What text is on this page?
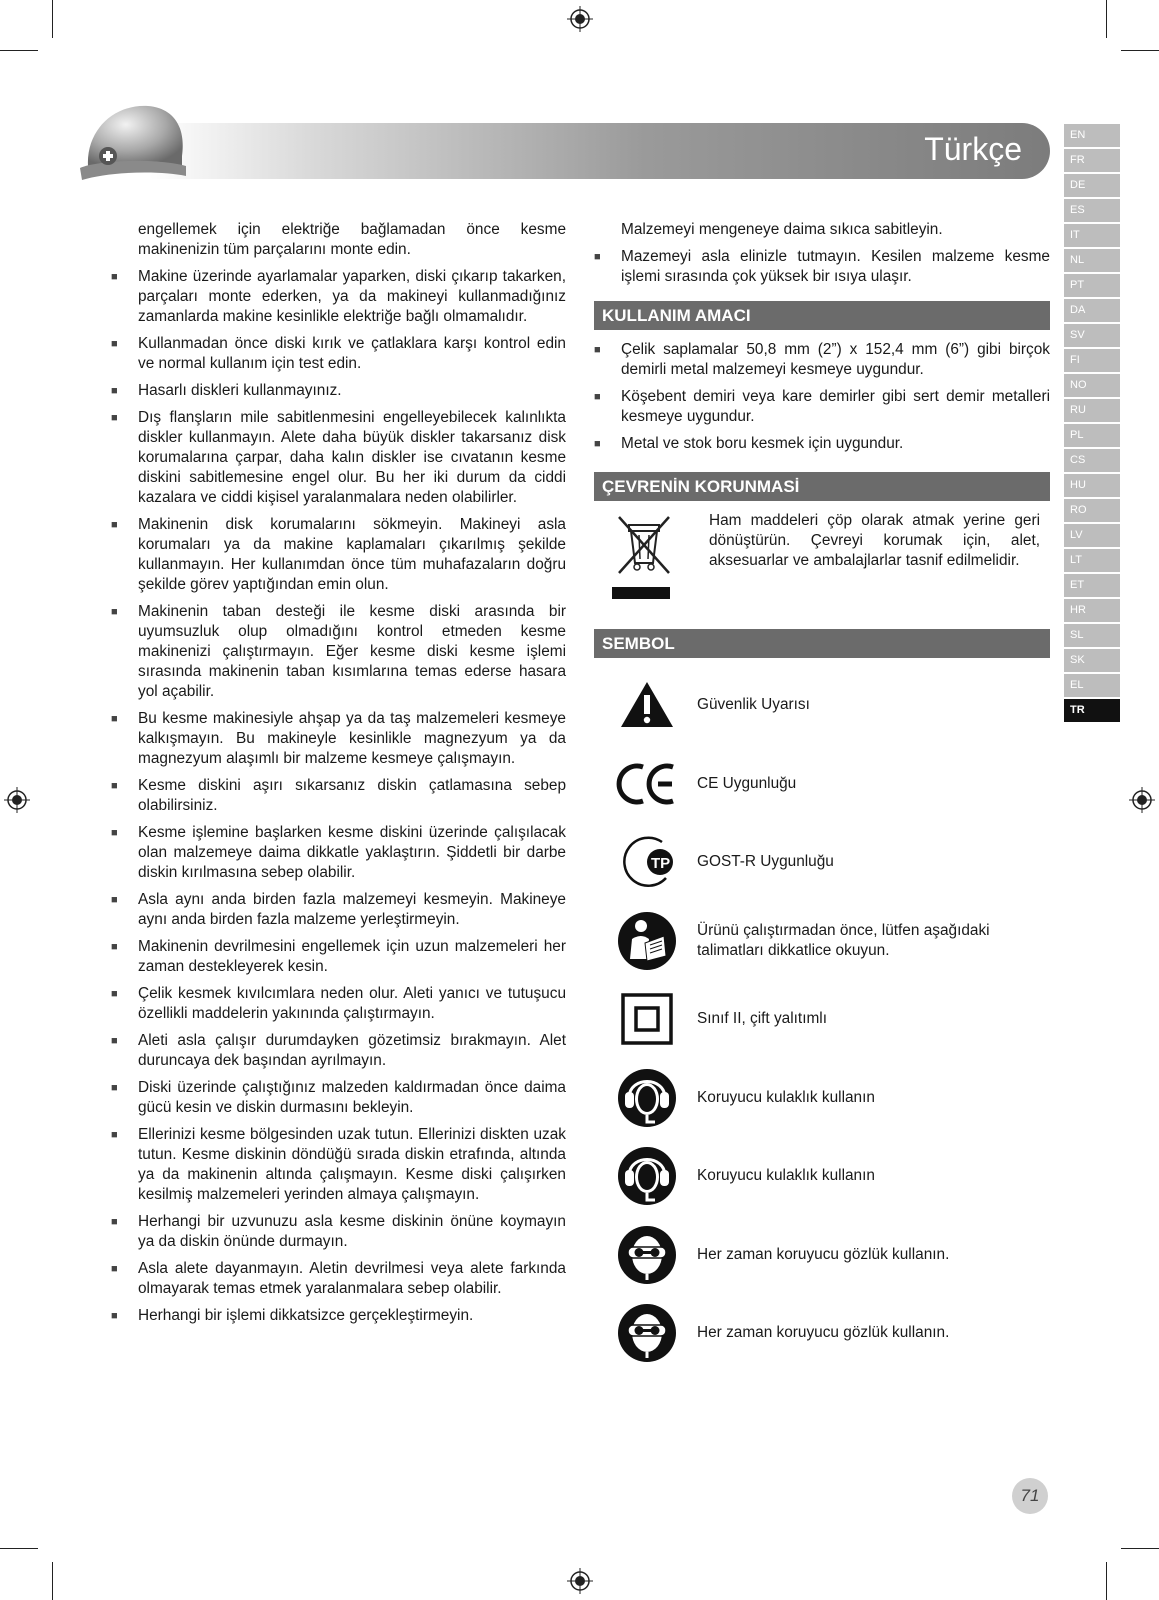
Türkçe	EN
FR
DE
ES
IT
NL
PT
DA
SV
FI
NO
RU
PL
CS
HU
RO
LV
LT
ET
HR
SL
SK
EL
TR
engellemek için elektriğe bağlamadan önce kesme makinenizin tüm parçalarını monte edin.
■ Makine üzerinde ayarlamalar yaparken, diski çıkarıp takarken, parçaları monte ederken, ya da makineyi kullanmadığınız zamanlarda makine kesinlikle elektriğe bağlı olmamalıdır.
■ Kullanmadan önce diski kırık ve çatlaklara karşı kontrol edin ve normal kullanım için test edin.
■ Hasarlı diskleri kullanmayınız.
■ Dış flanşların mile sabitlenmesini engelleyebilecek kalınlıkta diskler kullanmayın. Alete daha büyük diskler takarsanız disk korumalarına çarpar, daha kalın diskler ise cıvatanın kesme diskini sabitlemesine engel olur. Bu her iki durum da ciddi kazalara ve ciddi kişisel yaralanmalara neden olabilirler.
■ Makinenin disk korumalarını sökmeyin. Makineyi asla korumaları ya da makine kaplamaları çıkarılmış şekilde kullanmayın. Her kullanımdan önce tüm muhafazaların doğru şekilde görev yaptığından emin olun.
■ Makinenin taban desteği ile kesme diski arasında bir uyumsuzluk olup olmadığını kontrol etmeden kesme makinenizi çalıştırmayın. Eğer kesme diski kesme işlemi sırasında makinenin taban kısımlarına temas ederse hasara yol açabilir.
■ Bu kesme makinesiyle ahşap ya da taş malzemeleri kesmeye kalkışmayın. Bu makineyle kesinlikle magnezyum ya da magnezyum alaşımlı bir malzeme kesmeye çalışmayın.
■ Kesme diskini aşırı sıkarsanız diskin çatlamasına sebep olabilirsiniz.
■ Kesme işlemine başlarken kesme diskini üzerinde çalışılacak olan malzemeye daima dikkatle yaklaştırın. Şiddetli bir darbe diskin kırılmasına sebep olabilir.
■ Asla aynı anda birden fazla malzemeyi kesmeyin. Makineye aynı anda birden fazla malzeme yerleştirmeyin.
■ Makinenin devrilmesini engellemek için uzun malzemeleri her zaman destekleyerek kesin.
■ Çelik kesmek kıvılcımlara neden olur. Aleti yanıcı ve tutuşucu özellikli maddelerin yakınında çalıştırmayın.
■ Aleti asla çalışır durumdayken gözetimsiz bırakmayın. Alet duruncaya dek başından ayrılmayın.
■ Diski üzerinde çalıştığınız malzeden kaldırmadan önce daima gücü kesin ve diskin durmasını bekleyin.
■ Ellerinizi kesme bölgesinden uzak tutun. Ellerinizi diskten uzak tutun. Kesme diskinin döndüğü sırada diskin etrafında, altında ya da makinenin altında çalışmayın. Kesme diski çalışırken kesilmiş malzemeleri yerinden almaya çalışmayın.
■ Herhangi bir uzvunuzu asla kesme diskinin önüne koymayın ya da diskin önünde durmayın.
■ Asla alete dayanmayın. Aletin devrilmesi veya alete farkında olmayarak temas etmek yaralanmalara sebep olabilir.
■ Herhangi bir işlemi dikkatsizce gerçekleştirmeyin.
Malzemeyi mengeneye daima sıkıca sabitleyin.
■ Mazemeyi asla elinizle tutmayın. Kesilen malzeme kesme işlemi sırasında çok yüksek bir ısıya ulaşır.
KULLANIM AMACI
■ Çelik saplamalar 50,8 mm (2”) x 152,4 mm (6”) gibi birçok demirli metal malzemeyi kesmeye uygundur.
■ Köşebent demiri veya kare demirler gibi sert demir metalleri kesmeye uygundur.
■ Metal ve stok boru kesmek için uygundur.
ÇEVRENİN KORUNMASİ
Ham maddeleri çöp olarak atmak yerine geri dönüştürün. Çevreyi korumak için, alet, aksesuarlar ve ambalajlarlar tasnif edilmelidir.
SEMBOL
Güvenlik Uyarısı
CE Uygunluğu
ТР	GOST-R Uygunluğu
Ürünü çalıştırmadan önce, lütfen aşağıdaki talimatları dikkatlice okuyun.
Sınıf II, çift yalıtımlı
Koruyucu kulaklık kullanın
Koruyucu kulaklık kullanın
Her zaman koruyucu gözlük kullanın.
Her zaman koruyucu gözlük kullanın.
71
